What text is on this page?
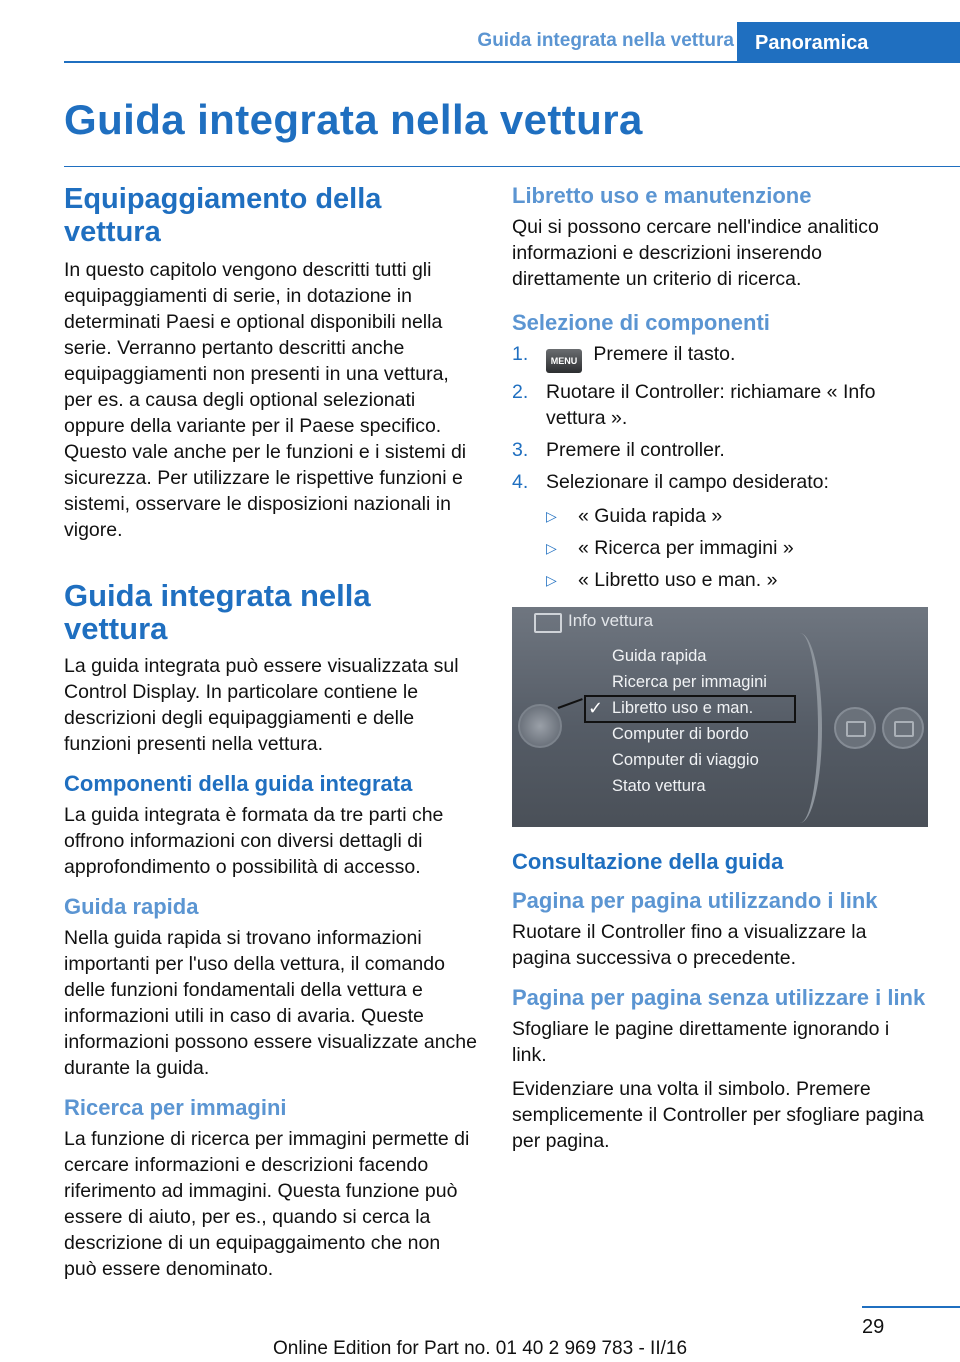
Guida integrata nella vettura	Panoramica
Guida integrata nella vettura
Equipaggiamento della vettura

In questo capitolo vengono descritti tutti gli equipaggiamenti di serie, in dotazione in determinati Paesi e optional disponibili nella serie. Verranno pertanto descritti anche equipaggiamenti non presenti in una vettura, per es. a causa degli optional selezionati oppure della variante per il Paese specifico. Questo vale anche per le funzioni e i sistemi di sicurezza. Per utilizzare le rispettive funzioni e sistemi, osservare le disposizioni nazionali in vigore.

Guida integrata nella vettura

La guida integrata può essere visualizzata sul Control Display. In particolare contiene le descrizioni degli equipaggiamenti e delle funzioni presenti nella vettura.

Componenti della guida integrata

La guida integrata è formata da tre parti che offrono informazioni con diversi dettagli di approfondimento o possibilità di accesso.

Guida rapida

Nella guida rapida si trovano informazioni importanti per l'uso della vettura, il comando delle funzioni fondamentali della vettura e informazioni utili in caso di avaria. Queste informazioni possono essere visualizzate anche durante la guida.

Ricerca per immagini

La funzione di ricerca per immagini permette di cercare informazioni e descrizioni facendo riferimento ad immagini. Questa funzione può essere di aiuto, per es., quando si cerca la descrizione di un equipaggaimento che non può essere denominato.

Libretto uso e manutenzione

Qui si possono cercare nell'indice analitico informazioni e descrizioni inserendo direttamente un criterio di ricerca.

Selezione di componenti
1. MENU Premere il tasto.
2. Ruotare il Controller: richiamare « Info vettura ».
3. Premere il controller.
4. Selezionare il campo desiderato:
▷ « Guida rapida »
▷ « Ricerca per immagini »
▷ « Libretto uso e man. »
Info vettura
✓
Guida rapida
Ricerca per immagini
Libretto uso e man.
Computer di bordo
Computer di viaggio
Stato vettura
Consultazione della guida
Pagina per pagina utilizzando i link

Ruotare il Controller fino a visualizzare la pagina successiva o precedente.

Pagina per pagina senza utilizzare i link

Sfogliare le pagine direttamente ignorando i link.

Evidenziare una volta il simbolo. Premere semplicemente il Controller per sfogliare pagina per pagina.

29
Online Edition for Part no. 01 40 2 969 783 - II/16
